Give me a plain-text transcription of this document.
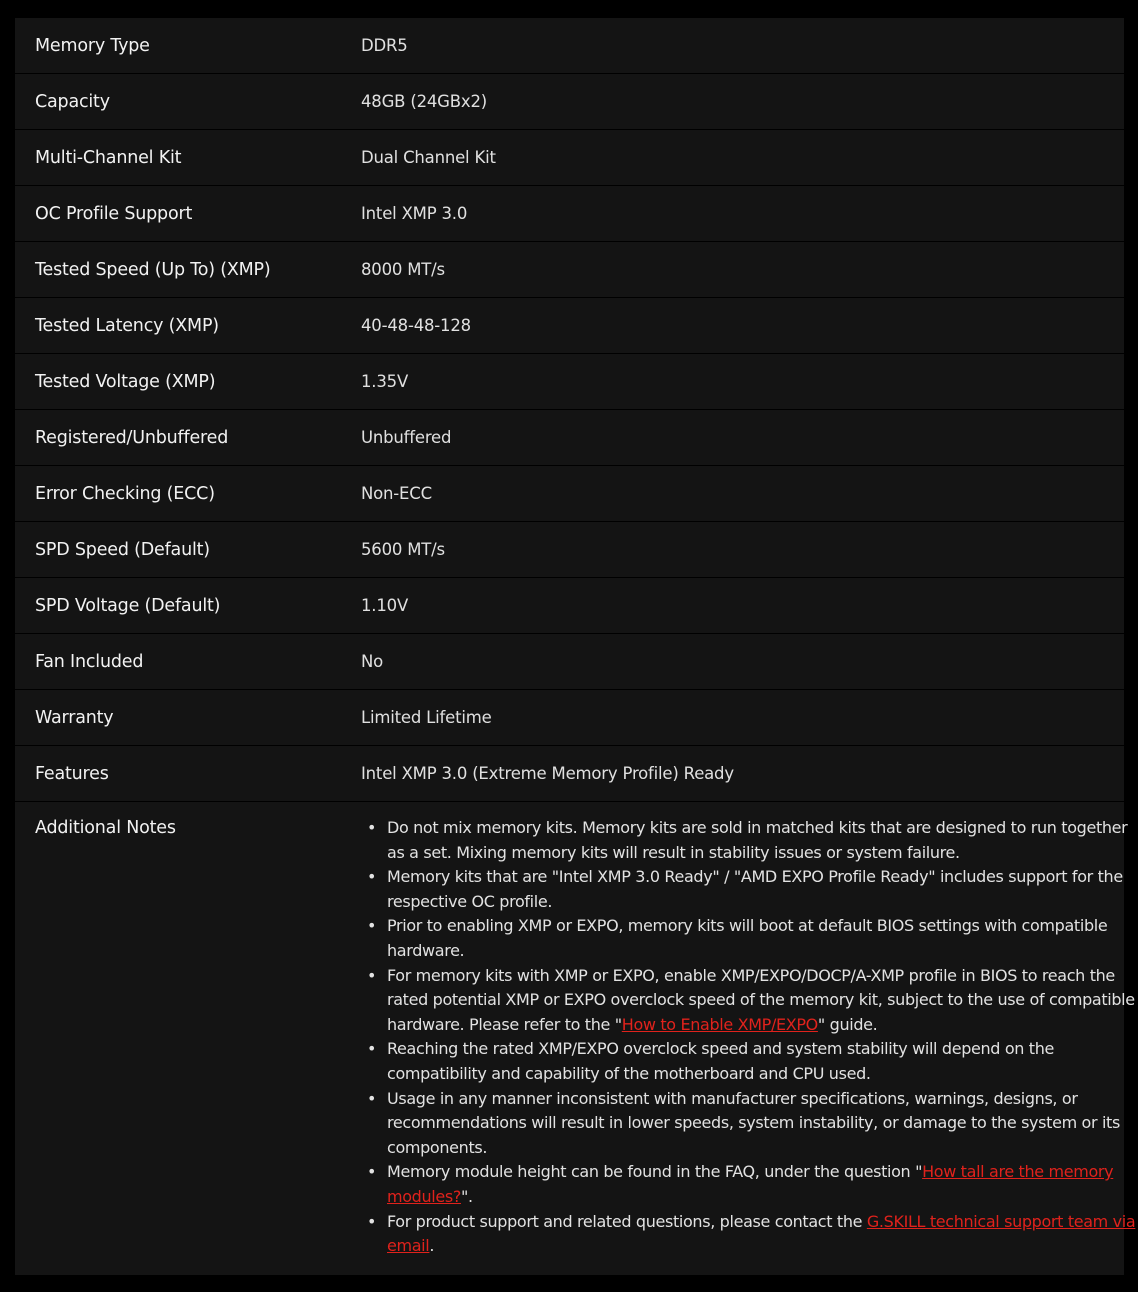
Memory Type	DDR5
Capacity	48GB (24GBx2)
Multi-Channel Kit	Dual Channel Kit
OC Profile Support	Intel XMP 3.0
Tested Speed (Up To) (XMP)	8000 MT/s
Tested Latency (XMP)	40-48-48-128
Tested Voltage (XMP)	1.35V
Registered/Unbuffered	Unbuffered
Error Checking (ECC)	Non-ECC
SPD Speed (Default)	5600 MT/s
SPD Voltage (Default)	1.10V
Fan Included	No
Warranty	Limited Lifetime
Features	Intel XMP 3.0 (Extreme Memory Profile) Ready
Additional Notes	• Do not mix memory kits. Memory kits are sold in matched kits that are designed to run together as a set. Mixing memory kits will result in stability issues or system failure.
• Memory kits that are "Intel XMP 3.0 Ready" / "AMD EXPO Profile Ready" includes support for the respective OC profile.
• Prior to enabling XMP or EXPO, memory kits will boot at default BIOS settings with compatible hardware.
• For memory kits with XMP or EXPO, enable XMP/EXPO/DOCP/A-XMP profile in BIOS to reach the rated potential XMP or EXPO overclock speed of the memory kit, subject to the use of compatible hardware. Please refer to the "How to Enable XMP/EXPO" guide.
• Reaching the rated XMP/EXPO overclock speed and system stability will depend on the compatibility and capability of the motherboard and CPU used.
• Usage in any manner inconsistent with manufacturer specifications, warnings, designs, or recommendations will result in lower speeds, system instability, or damage to the system or its components.
• Memory module height can be found in the FAQ, under the question "How tall are the memory modules?".
• For product support and related questions, please contact the G.SKILL technical support team via email.
